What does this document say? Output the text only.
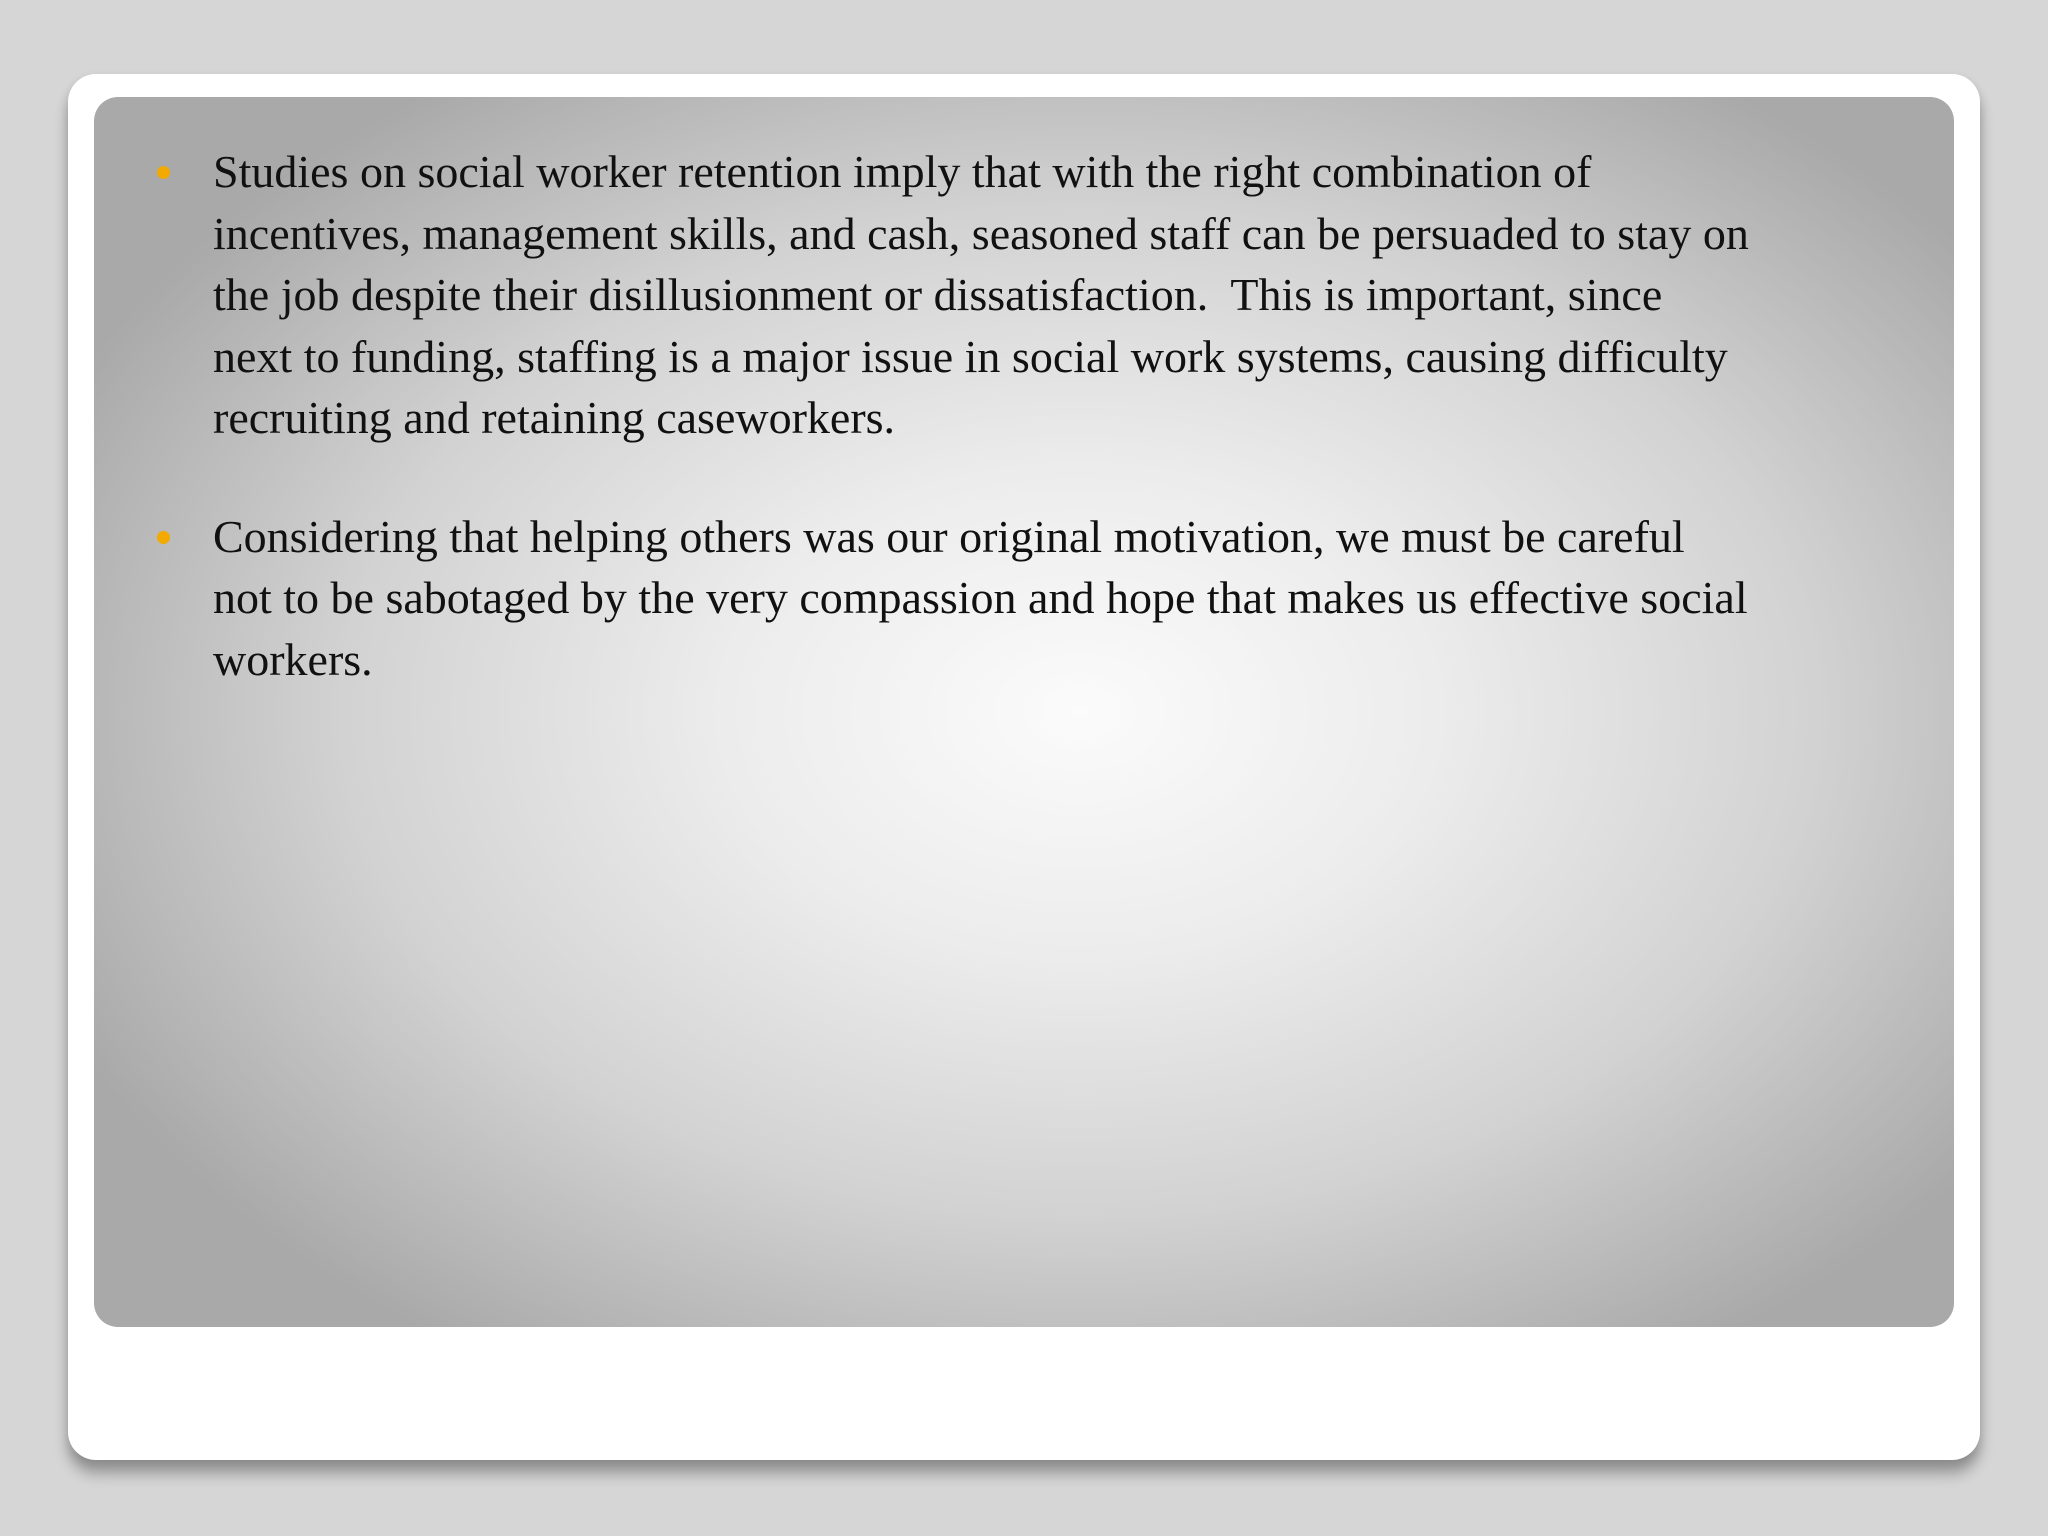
Studies on social worker retention imply that with the right combination of
incentives, management skills, and cash, seasoned staff can be persuaded to stay on
the job despite their disillusionment or dissatisfaction.  This is important, since
next to funding, staffing is a major issue in social work systems, causing difficulty
recruiting and retaining caseworkers.
Considering that helping others was our original motivation, we must be careful
not to be sabotaged by the very compassion and hope that makes us effective social
workers.
